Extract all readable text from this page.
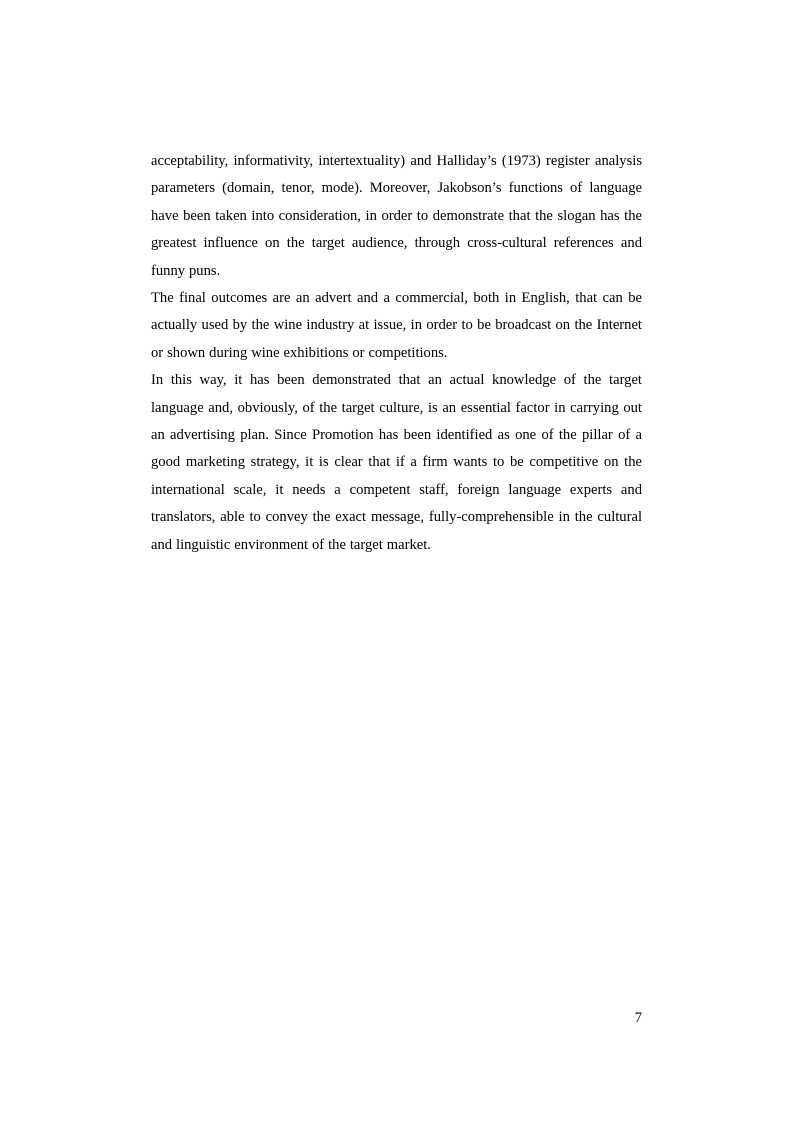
acceptability, informativity, intertextuality) and Halliday’s (1973) register analysis parameters (domain, tenor, mode). Moreover, Jakobson’s functions of language have been taken into consideration, in order to demonstrate that the slogan has the greatest influence on the target audience, through cross-cultural references and funny puns.

The final outcomes are an advert and a commercial, both in English, that can be actually used by the wine industry at issue, in order to be broadcast on the Internet or shown during wine exhibitions or competitions.

In this way, it has been demonstrated that an actual knowledge of the target language and, obviously, of the target culture, is an essential factor in carrying out an advertising plan. Since Promotion has been identified as one of the pillar of a good marketing strategy, it is clear that if a firm wants to be competitive on the international scale, it needs a competent staff, foreign language experts and translators, able to convey the exact message, fully-comprehensible in the cultural and linguistic environment of the target market.

7
